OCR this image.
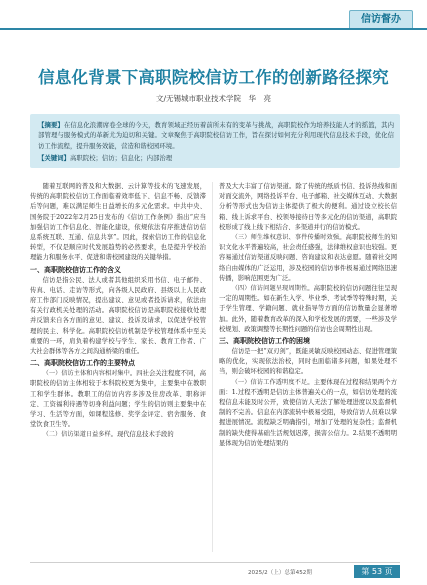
信访督办
信息化背景下高职院校信访工作的创新路径探究
文/无锡城市职业技术学院　华　亮
【摘要】在信息化浪潮席卷全球的今天，教育领域正经历着前所未有的变革与挑战，高职院校作为培养技能人才的摇篮，其内部管理与服务模式的革新尤为迫切和关键。文章聚焦于高职院校信访工作，旨在探讨如何充分利用现代信息技术手段，优化信访工作流程，提升服务效能，营造和谐校园环境。
【关键词】高职院校；信访；信息化；内部治理

随着互联网的普及和大数据、云计算等技术的飞速发展，传统的高职院校信访工作面临着效率低下、信息不畅、反馈滞后等问题，难以满足师生日益增长的多元化需求。中共中央、国务院于2022年2月25日发布的《信访工作条例》指出“应当加强信访工作信息化、智能化建设，依规依法有序推进信访信息系统互联、互通、信息共享”。因此，探索信访工作的信息化转型，不仅是顺应时代发展趋势的必然要求，也是提升学校治理能力和服务水平、促进和谐校园建设的关键举措。

一、高职院校信访工作的含义

信访是指公民、法人或者其他组织采用书信、电子邮件、传真、电话、走访等形式，向各级人民政府、县级以上人民政府工作部门反映情况，提出建议、意见或者投诉请求，依法由有关行政机关处理的活动。高职院校信访是高职院校接收处理并反馈来自各方面的意见、建议、投诉及请求，以促进学校管理的民主、科学化。高职院校信访机制是学校管理体系中至关重要的一环，肩负着构建学校与学生、家长、教育工作者、广大社会群体等各方之间沟通桥梁的重任。

二、高职院校信访工作的主要特点

（一）信访主体和内容相对集中。四社会关注程度不同，高职院校的信访主体相较于本科院校更为集中，主要集中在教职工和学生群体。教职工的信访内容多涉及住房改革、职称评定、工资福利待遇等切身利益问题；学生的信访则主要集中在学习、生活等方面，如课程选修、奖学金评定、宿舍服务、食堂饮食卫生等。

（二）信访渠道日益多样。现代信息技术手段的

普及大大丰富了信访渠道。除了传统的纸质书信、投诉热线和面对面交流外，网络投诉平台、电子邮箱、社交媒体互动、大数据分析等形式也为信访主体提供了极大的便利。通过设立校长信箱、线上诉求平台、校领导接待日等多元化的信访渠道，高职院校形成了线上线下相结合、多渠道并行的信访模式。

（三）师生维权意识、事件传播时效强。高职院校师生的知识文化水平普遍较高，社会责任感强，法律维权意识也较强。更容易通过信访渠道反映问题、咨询建议和表达意愿。随着社交网络自由媒体的广泛运用，涉及校园的信访事件极易通过网络迅速传播，影响范围更为广泛。

（四）信访问题呈现周期性。高职院校的信访问题往往呈现一定的周期性。如在新生入学、毕业季、考试季等特殊时期，关于学生管理、学籍问题、就业指导等方面的信访数量会显著增加。此外，随着教育改革的深入和学校发展的需要，一些涉及学校规划、政策调整等长期性问题的信访也会周期性出现。

三、高职院校信访工作的困境

信访是一把“双刃剑”，既能灵敏反映校园动态、促进管理策略的优化，实现依法治校，同时也面临诸多问题，如果处理不当，则会破坏校园的和谐稳定。

（一）信访工作透明度不足。主要体现在过程和结果两个方面：1.过程不透明是信访主体普遍关心的一点，如信访处理的流程信息未能及时公开，致使信访人无法了解处理进度以及监督机制的不完善。信息在内部流转中极易受阻，导致信访人员难以掌握进展情况。流程缺乏明确指引，增加了处理的复杂性；监督机制的缺失使得基础生活规划迟滞，损害公信力。2.结果不透明明显体现为信访处理结果的

2025/2（上）总第452期	第 53 页
